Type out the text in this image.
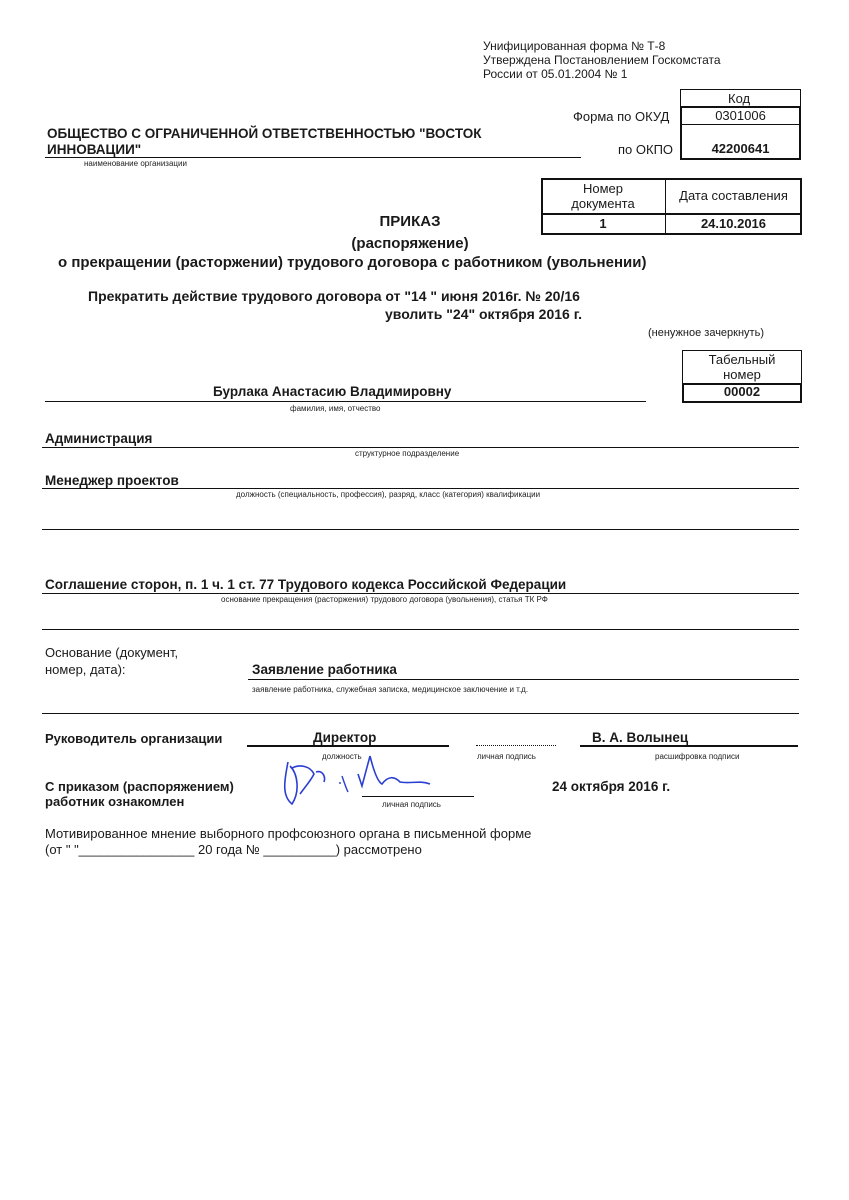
Унифицированная форма № Т-8
Утверждена Постановлением Госкомстата
России от 05.01.2004 № 1
Код
Форма по ОКУД	0301006
по ОКПО	42200641
ОБЩЕСТВО С ОГРАНИЧЕННОЙ ОТВЕТСТВЕННОСТЬЮ "ВОСТОК
ИННОВАЦИИ"
наименование организации
Номер
документа
Дата составления
1	24.10.2016
ПРИКАЗ
(распоряжение)
о прекращении (расторжении) трудового договора с работником (увольнении)
Прекратить действие трудового договора от "14 " июня 2016г. № 20/16
уволить "24" октября 2016 г.
(ненужное зачеркнуть)
Табельный
номер
00002
Бурлака Анастасию Владимировну
фамилия, имя, отчество
Администрация
структурное подразделение
Менеджер проектов
должность (специальность, профессия), разряд, класс (категория) квалификации
Соглашение сторон, п. 1 ч. 1 ст. 77 Трудового кодекса Российской Федерации
основание прекращения (расторжения) трудового договора (увольнения), статья ТК РФ
Основание (документ,
номер, дата):	Заявление работника
заявление работника, служебная записка, медицинское заключение и т.д.
Руководитель организации	Директор
должность	личная подпись
В. А. Волынец
расшифровка подписи
С приказом (распоряжением)
работник ознакомлен	личная подпись
24 октября 2016 г.
Мотивированное мнение выборного профсоюзного органа в письменной форме
(от " "________________ 20 года № __________) рассмотрено
